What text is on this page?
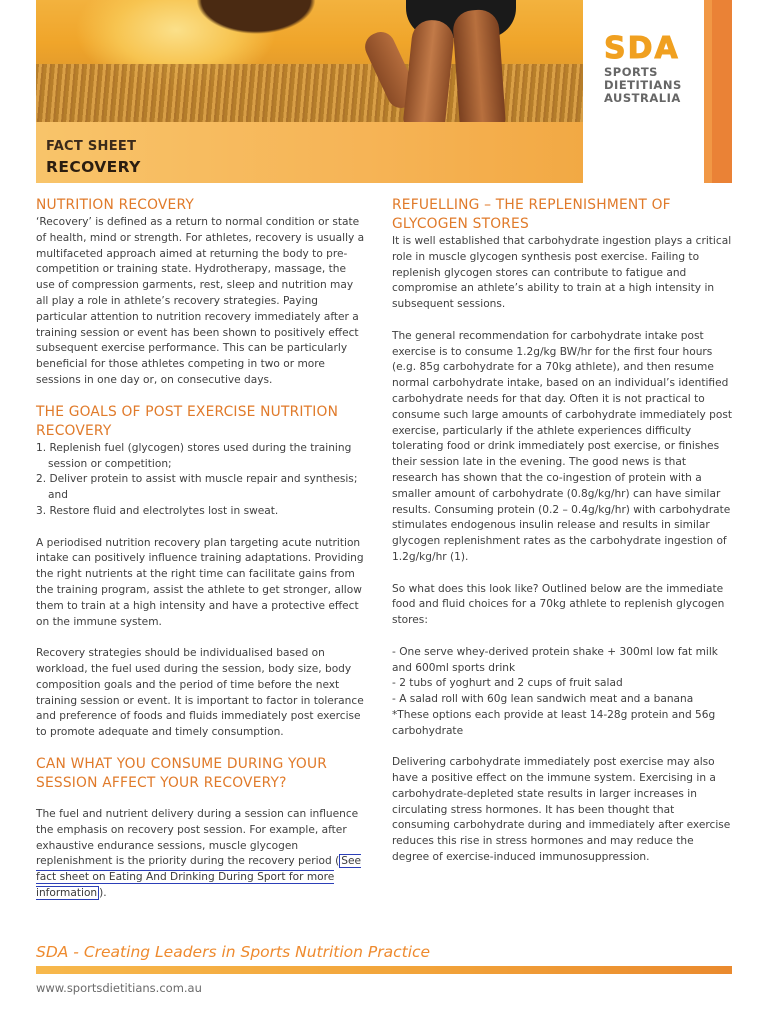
SDA
SPORTS
DIETITIANS
AUSTRALIA
FACT SHEET
RECOVERY
NUTRITION RECOVERY

‘Recovery’ is defined as a return to normal condition or state of health, mind or strength. For athletes, recovery is usually a multifaceted approach aimed at returning the body to pre-competition or training state. Hydrotherapy, massage, the use of compression garments, rest, sleep and nutrition may all play a role in athlete’s recovery strategies. Paying particular attention to nutrition recovery immediately after a training session or event has been shown to positively effect subsequent exercise performance. This can be particularly beneficial for those athletes competing in two or more sessions in one day or, on consecutive days.

THE GOALS OF POST EXERCISE NUTRITION RECOVERY
1. Replenish fuel (glycogen) stores used during the training session or competition;
2. Deliver protein to assist with muscle repair and synthesis; and
3. Restore fluid and electrolytes lost in sweat.

A periodised nutrition recovery plan targeting acute nutrition intake can positively influence training adaptations. Providing the right nutrients at the right time can facilitate gains from the training program, assist the athlete to get stronger, allow them to train at a high intensity and have a protective effect on the immune system.

Recovery strategies should be individualised based on workload, the fuel used during the session, body size, body composition goals and the period of time before the next training session or event. It is important to factor in tolerance and preference of foods and fluids immediately post exercise to promote adequate and timely consumption.

CAN WHAT YOU CONSUME DURING YOUR SESSION AFFECT YOUR RECOVERY?

The fuel and nutrient delivery during a session can influence the emphasis on recovery post session. For example, after exhaustive endurance sessions, muscle glycogen replenishment is the priority during the recovery period ( See fact sheet on Eating And Drinking During Sport for more information ).

REFUELLING – THE REPLENISHMENT OF GLYCOGEN STORES

It is well established that carbohydrate ingestion plays a critical role in muscle glycogen synthesis post exercise. Failing to replenish glycogen stores can contribute to fatigue and compromise an athlete’s ability to train at a high intensity in subsequent sessions.

The general recommendation for carbohydrate intake post exercise is to consume 1.2g/kg BW/hr for the first four hours (e.g. 85g carbohydrate for a 70kg athlete), and then resume normal carbohydrate intake, based on an individual’s identified carbohydrate needs for that day. Often it is not practical to consume such large amounts of carbohydrate immediately post exercise, particularly if the athlete experiences difficulty tolerating food or drink immediately post exercise, or finishes their session late in the evening. The good news is that research has shown that the co-ingestion of protein with a smaller amount of carbohydrate (0.8g/kg/hr) can have similar results. Consuming protein (0.2 – 0.4g/kg/hr) with carbohydrate stimulates endogenous insulin release and results in similar glycogen replenishment rates as the carbohydrate ingestion of 1.2g/kg/hr (1).

So what does this look like? Outlined below are the immediate food and fluid choices for a 70kg athlete to replenish glycogen stores:

- One serve whey-derived protein shake + 300ml low fat milk and 600ml sports drink

- 2 tubs of yoghurt and 2 cups of fruit salad

- A salad roll with 60g lean sandwich meat and a banana

*These options each provide at least 14-28g protein and 56g carbohydrate

Delivering carbohydrate immediately post exercise may also have a positive effect on the immune system. Exercising in a carbohydrate-depleted state results in larger increases in circulating stress hormones. It has been thought that consuming carbohydrate during and immediately after exercise reduces this rise in stress hormones and may reduce the degree of exercise-induced immunosuppression.

SDA - Creating Leaders in Sports Nutrition Practice
www.sportsdietitians.com.au
